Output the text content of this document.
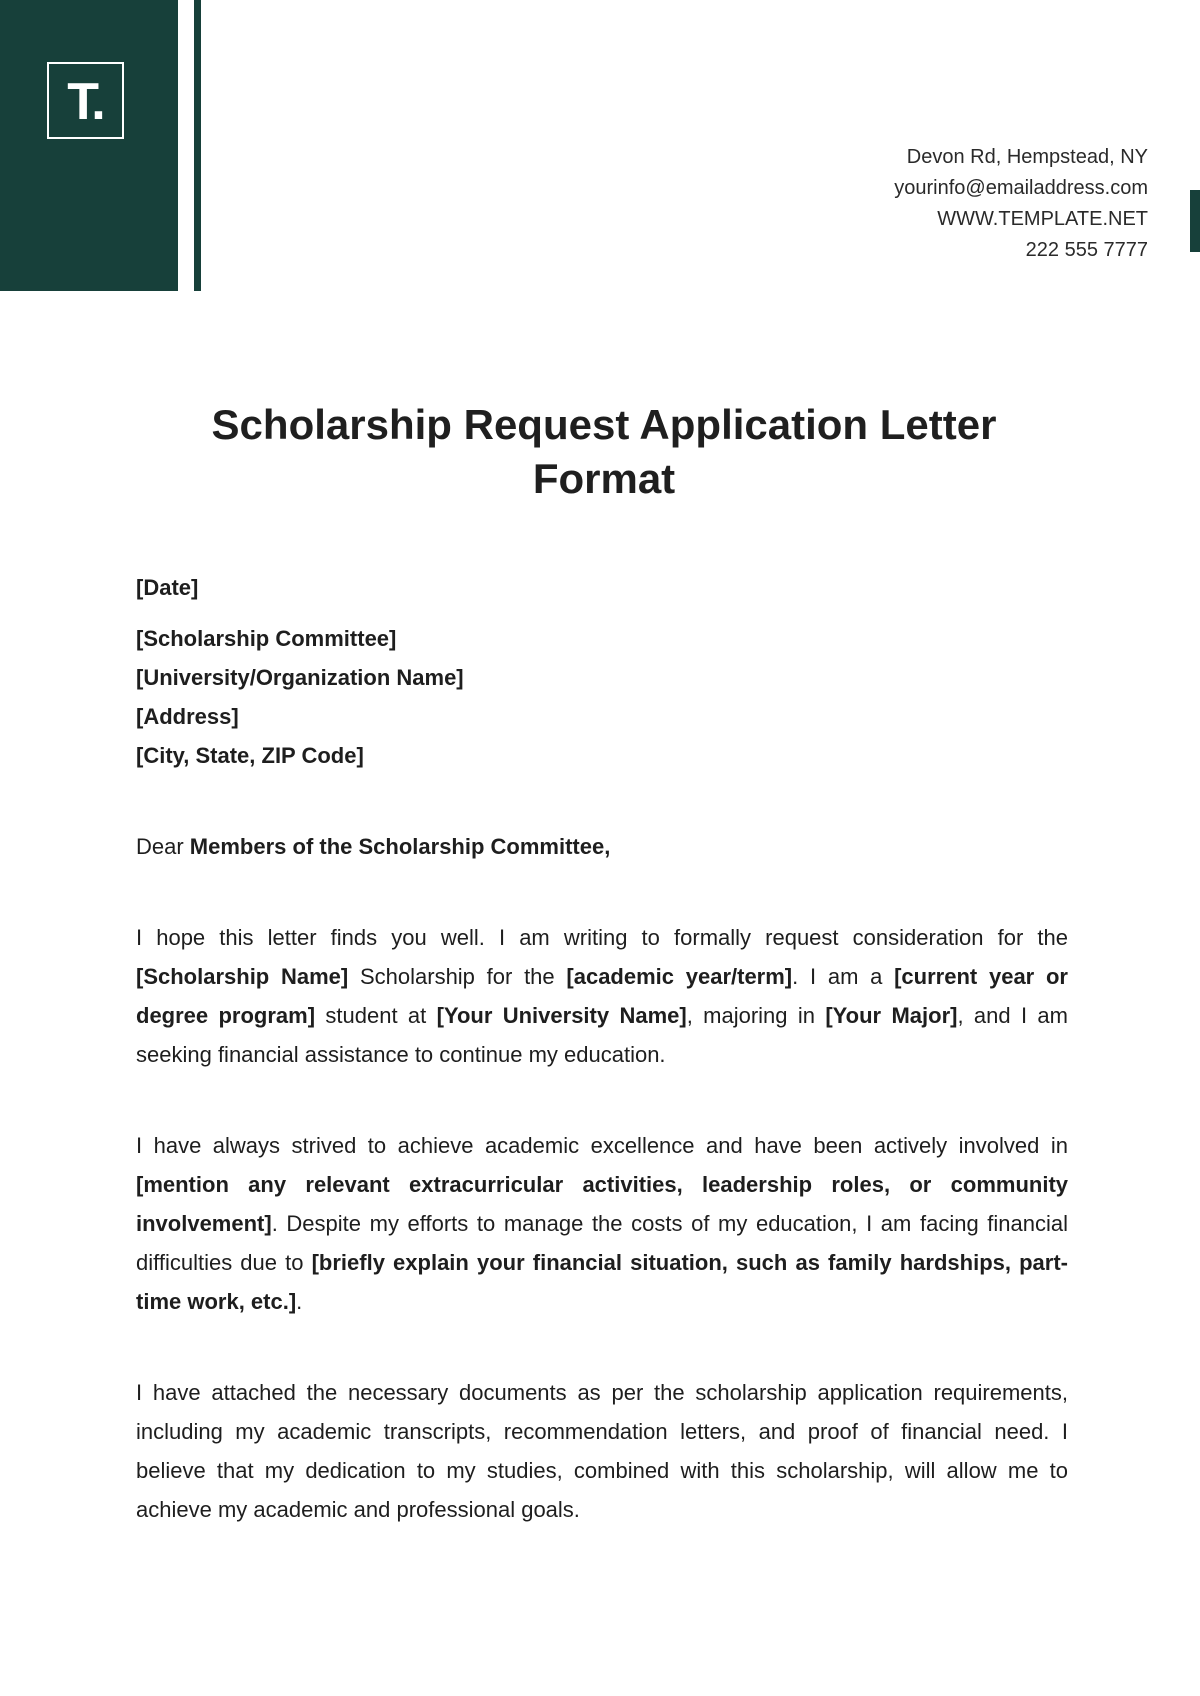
T.
Devon Rd, Hempstead, NY
yourinfo@emailaddress.com
WWW.TEMPLATE.NET
222 555 7777
Scholarship Request Application Letter Format
[Date]
[Scholarship Committee]
[University/Organization Name]
[Address]
[City, State, ZIP Code]
Dear Members of the Scholarship Committee,

I hope this letter finds you well. I am writing to formally request consideration for the [Scholarship Name] Scholarship for the [academic year/term]. I am a [current year or degree program] student at [Your University Name], majoring in [Your Major], and I am seeking financial assistance to continue my education.

I have always strived to achieve academic excellence and have been actively involved in [mention any relevant extracurricular activities, leadership roles, or community involvement]. Despite my efforts to manage the costs of my education, I am facing financial difficulties due to [briefly explain your financial situation, such as family hardships, part-time work, etc.].

I have attached the necessary documents as per the scholarship application requirements, including my academic transcripts, recommendation letters, and proof of financial need. I believe that my dedication to my studies, combined with this scholarship, will allow me to achieve my academic and professional goals.
